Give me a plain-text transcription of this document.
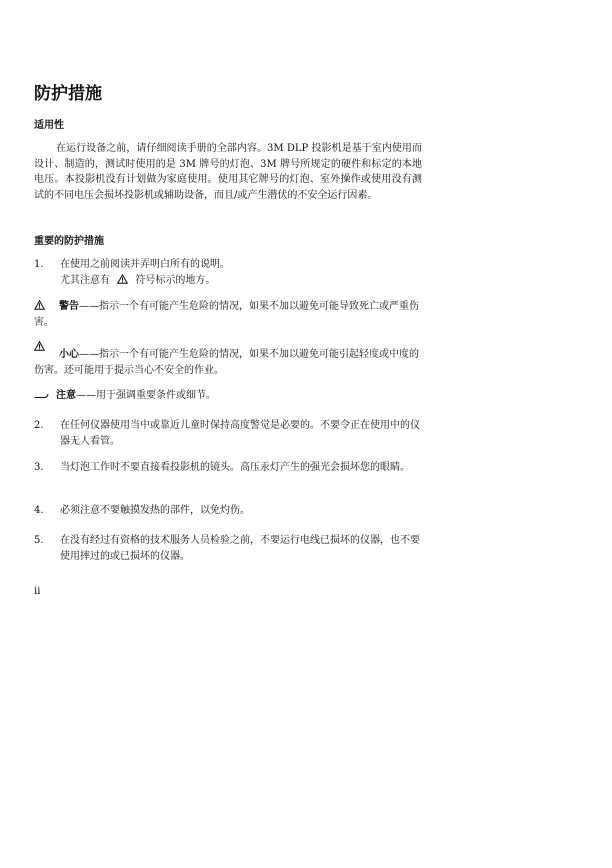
防护措施
适用性
在运行设备之前，请仔细阅读手册的全部内容。3M DLP 投影机是基于室内使用而设计、制造的，测试时使用的是 3M 牌号的灯泡、3M 牌号所规定的硬件和标定的本地电压。本投影机没有计划做为家庭使用。使用其它牌号的灯泡、室外操作或使用没有测试的不同电压会损坏投影机或辅助设备，而且/或产生潜伏的不安全运行因素。
重要的防护措施
1.	在使用之前阅读并弄明白所有的说明。
尤其注意有	符号标示的地方。
警告——指示一个有可能产生危险的情况，如果不加以避免可能导致死亡或严重伤害。
小心——指示一个有可能产生危险的情况，如果不加以避免可能引起轻度或中度的伤害。还可能用于提示当心不安全的作业。
注意——用于强调重要条件或细节。
2.	在任何仪器使用当中或靠近儿童时保持高度警觉是必要的。不要令正在使用中的仪器无人看管。
3.	当灯泡工作时不要直接看投影机的镜头。高压汞灯产生的强光会损坏您的眼睛。
4.	必须注意不要触摸发热的部件，以免灼伤。
5.	在没有经过有资格的技术服务人员检验之前，不要运行电线已损坏的仪器，也不要使用摔过的或已损坏的仪器。
ii
